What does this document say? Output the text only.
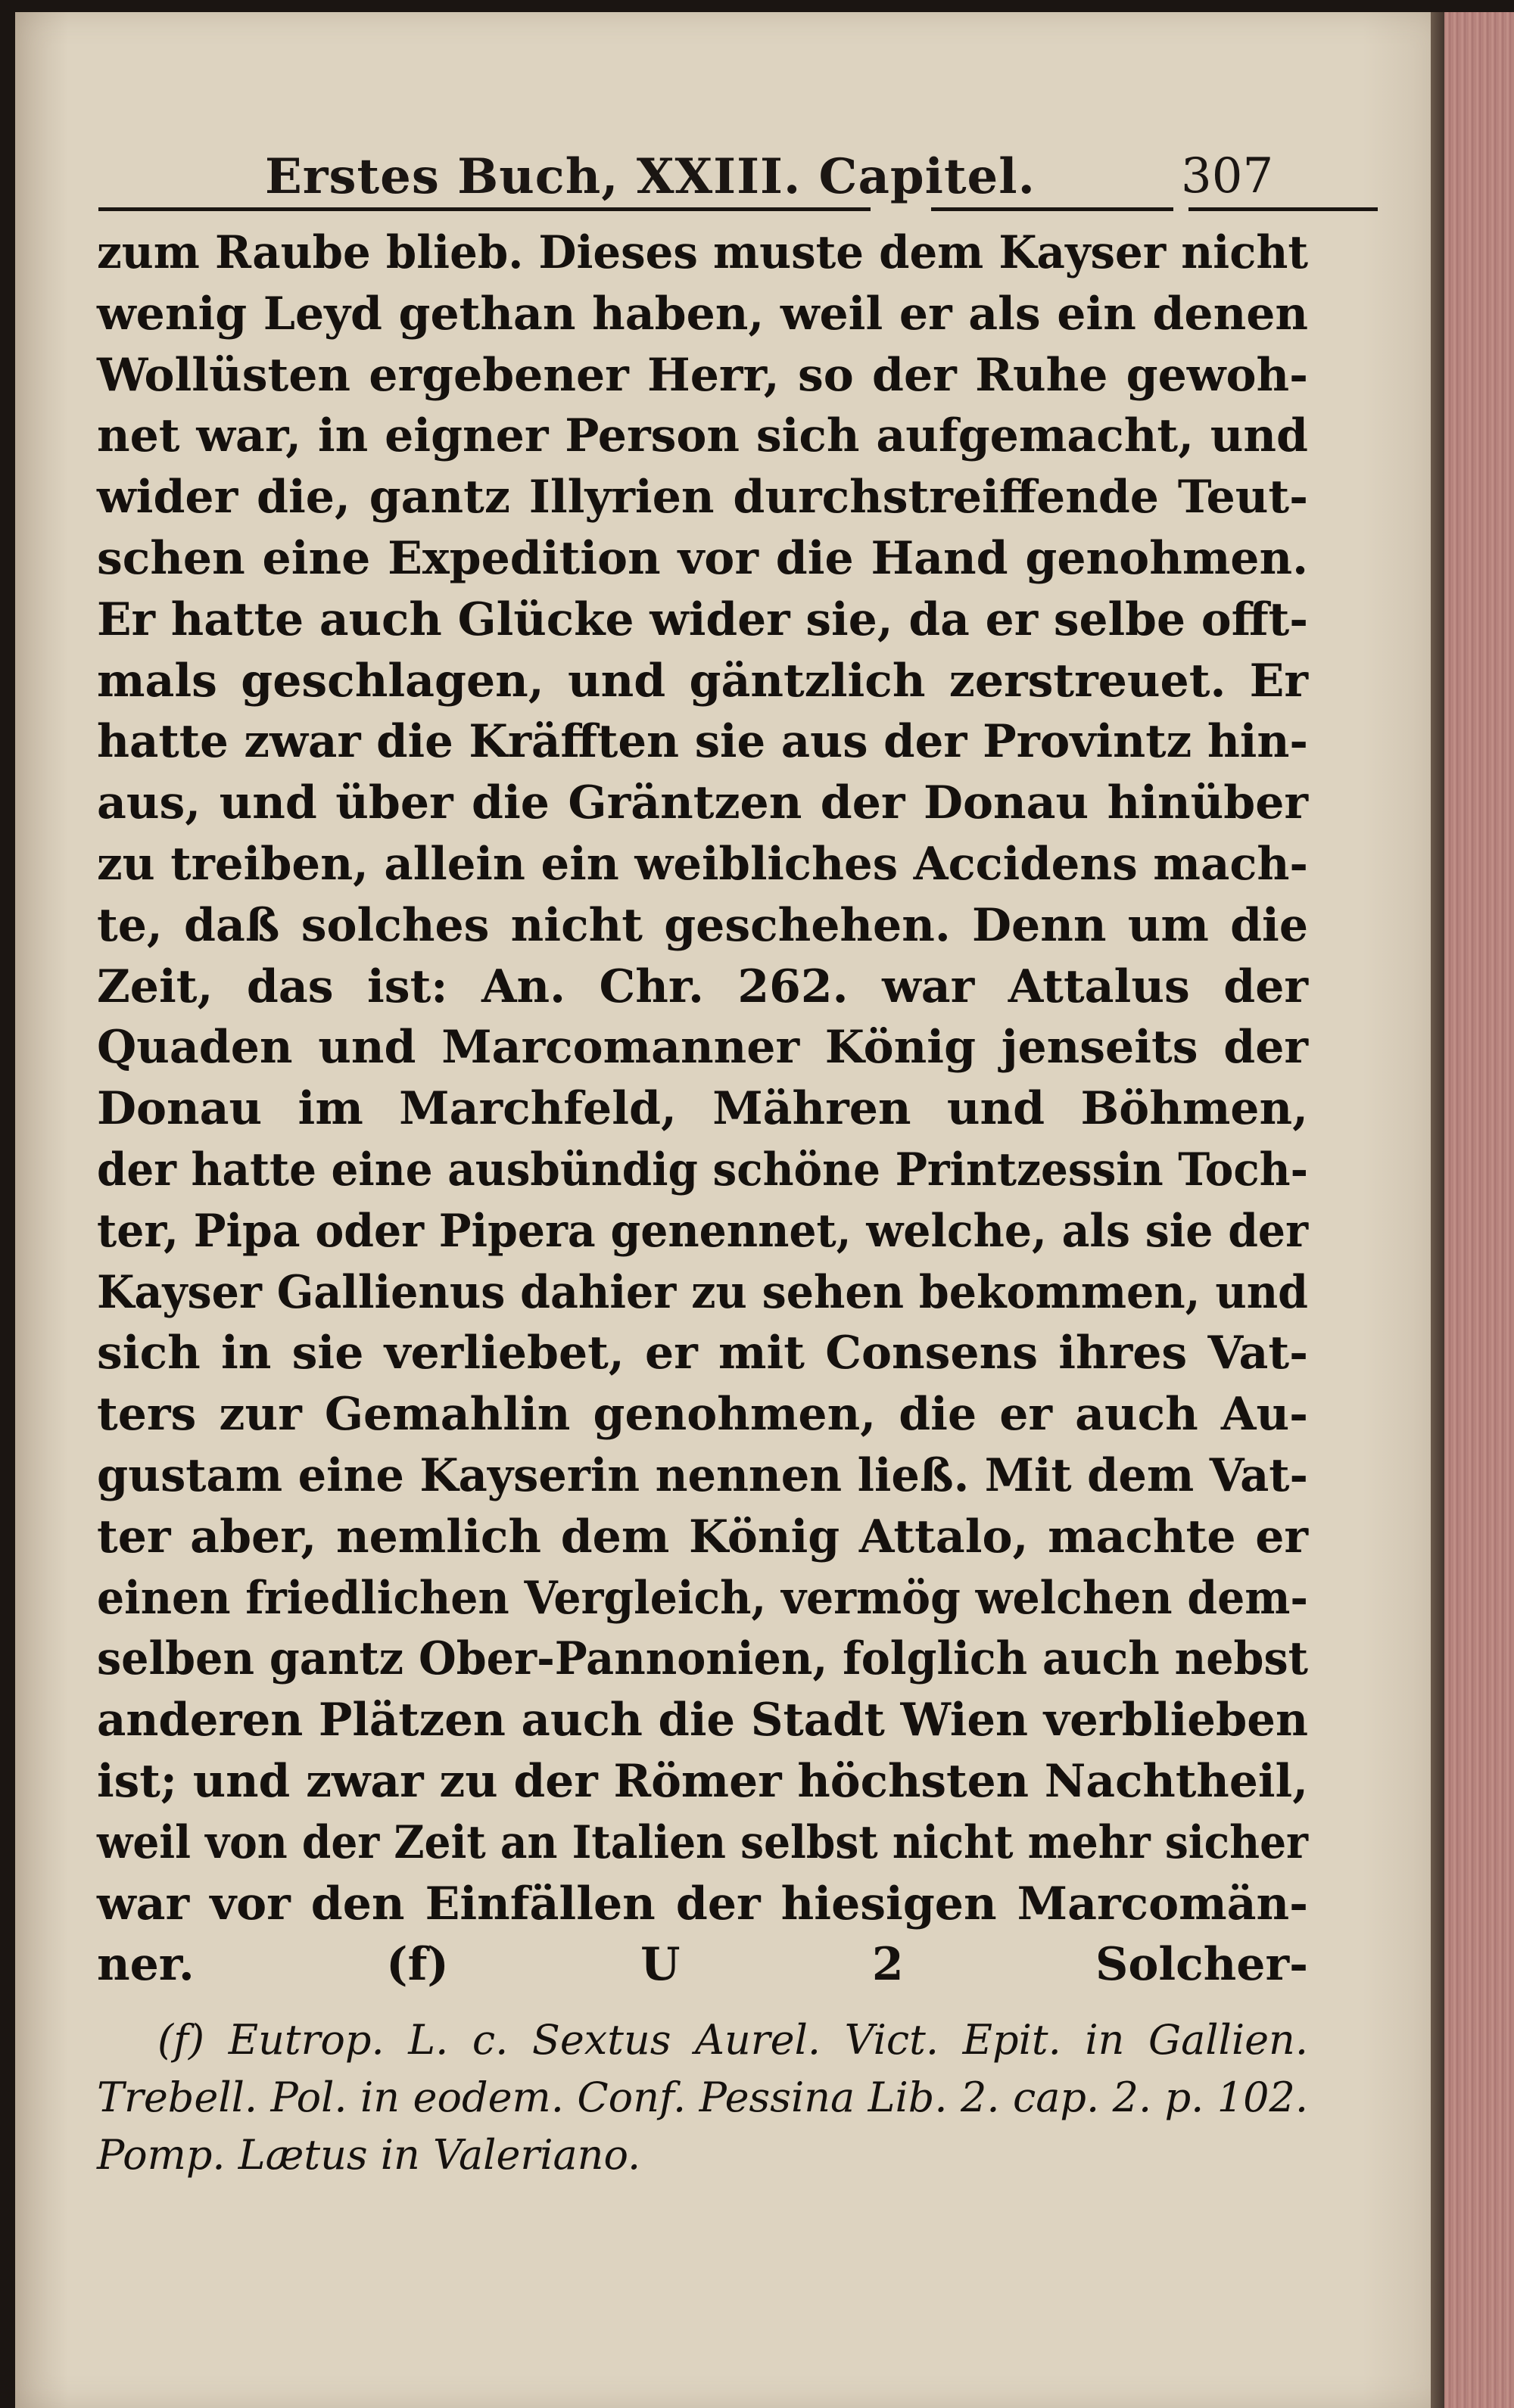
Erstes Buch, XXIII. Capitel.	307
zum Raube blieb. Dieses muste dem Kayser nicht
wenig Leyd gethan haben, weil er als ein denen
Wollüsten ergebener Herr, so der Ruhe gewoh-
net war, in eigner Person sich aufgemacht, und
wider die, gantz Illyrien durchstreiffende Teut-
schen eine Expedition vor die Hand genohmen.
Er hatte auch Glücke wider sie, da er selbe offt-
mals geschlagen, und gäntzlich zerstreuet. Er
hatte zwar die Kräfften sie aus der Provintz hin-
aus, und über die Gräntzen der Donau hinüber
zu treiben, allein ein weibliches Accidens mach-
te, daß solches nicht geschehen. Denn um die
Zeit, das ist: An. Chr. 262. war Attalus der
Quaden und Marcomanner König jenseits der
Donau im Marchfeld, Mähren und Böhmen,
der hatte eine ausbündig schöne Printzessin Toch-
ter, Pipa oder Pipera genennet, welche, als sie der
Kayser Gallienus dahier zu sehen bekommen, und
sich in sie verliebet, er mit Consens ihres Vat-
ters zur Gemahlin genohmen, die er auch Au-
gustam eine Kayserin nennen ließ. Mit dem Vat-
ter aber, nemlich dem König Attalo, machte er
einen friedlichen Vergleich, vermög welchen dem-
selben gantz Ober-Pannonien, folglich auch nebst
anderen Plätzen auch die Stadt Wien verblieben
ist; und zwar zu der Römer höchsten Nachtheil,
weil von der Zeit an Italien selbst nicht mehr sicher
war vor den Einfällen der hiesigen Marcomän-
ner. (f) U 2 Solcher-
(f) Eutrop. L. c. Sextus Aurel. Vict. Epit. in Gallien.
Trebell. Pol. in eodem. Conf. Pessina Lib. 2. cap. 2. p. 102.
Pomp. Lætus in Valeriano.
